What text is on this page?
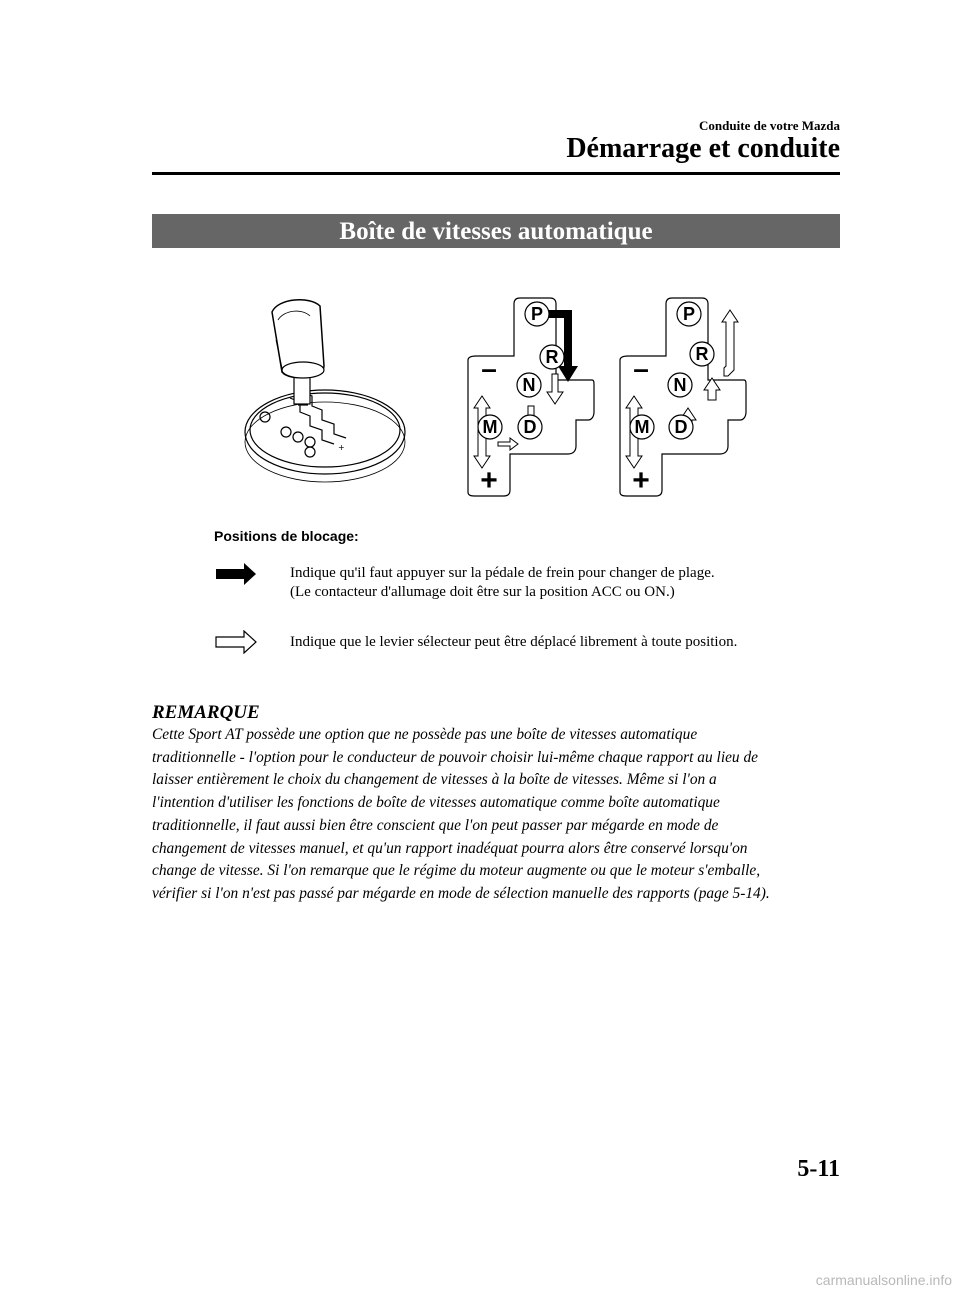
Conduite de votre Mazda
Démarrage et conduite
Boîte de vitesses automatique
+
P
R
N
D
M
–
+
P
R
N
D
M
–
+
Positions de blocage:
Indique qu'il faut appuyer sur la pédale de frein pour changer de plage.
(Le contacteur d'allumage doit être sur la position ACC ou ON.)
Indique que le levier sélecteur peut être déplacé librement à toute position.
REMARQUE
Cette Sport AT possède une option que ne possède pas une boîte de vitesses automatique
traditionnelle - l'option pour le conducteur de pouvoir choisir lui-même chaque rapport au lieu de
laisser entièrement le choix du changement de vitesses à la boîte de vitesses. Même si l'on a
l'intention d'utiliser les fonctions de boîte de vitesses automatique comme boîte automatique
traditionnelle, il faut aussi bien être conscient que l'on peut passer par mégarde en mode de
changement de vitesses manuel, et qu'un rapport inadéquat pourra alors être conservé lorsqu'on
change de vitesse. Si l'on remarque que le régime du moteur augmente ou que le moteur s'emballe,
vérifier si l'on n'est pas passé par mégarde en mode de sélection manuelle des rapports (page 5-14).
5-11
carmanualsonline.info
